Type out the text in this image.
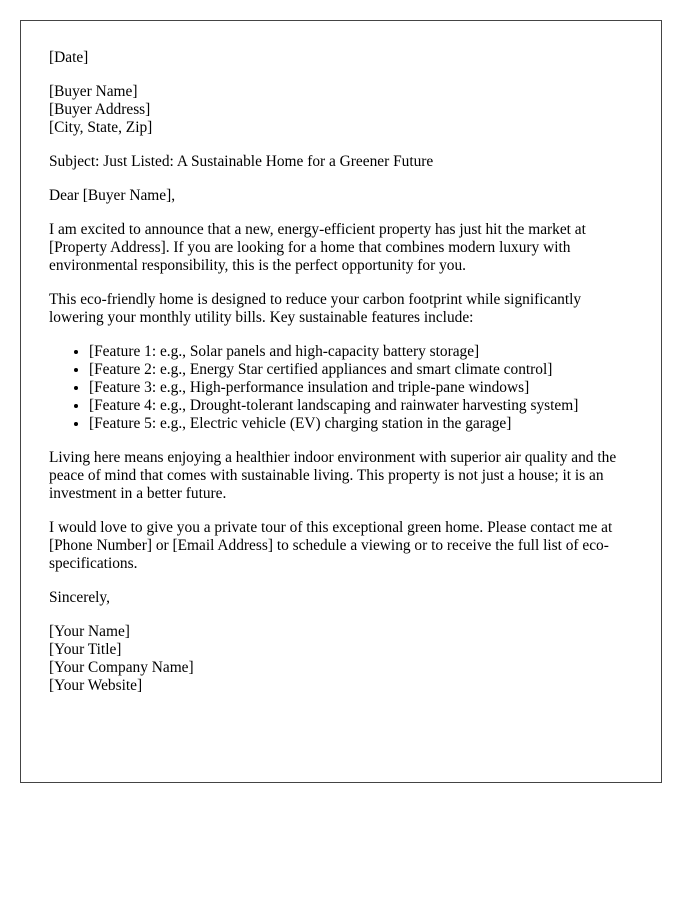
[Date]

[Buyer Name]
[Buyer Address]
[City, State, Zip]

Subject: Just Listed: A Sustainable Home for a Greener Future

Dear [Buyer Name],

I am excited to announce that a new, energy-efficient property has just hit the market at [Property Address]. If you are looking for a home that combines modern luxury with environmental responsibility, this is the perfect opportunity for you.

This eco-friendly home is designed to reduce your carbon footprint while significantly lowering your monthly utility bills. Key sustainable features include:

• [Feature 1: e.g., Solar panels and high-capacity battery storage]
• [Feature 2: e.g., Energy Star certified appliances and smart climate control]
• [Feature 3: e.g., High-performance insulation and triple-pane windows]
• [Feature 4: e.g., Drought-tolerant landscaping and rainwater harvesting system]
• [Feature 5: e.g., Electric vehicle (EV) charging station in the garage]

Living here means enjoying a healthier indoor environment with superior air quality and the peace of mind that comes with sustainable living. This property is not just a house; it is an investment in a better future.

I would love to give you a private tour of this exceptional green home. Please contact me at [Phone Number] or [Email Address] to schedule a viewing or to receive the full list of eco-specifications.

Sincerely,

[Your Name]
[Your Title]
[Your Company Name]
[Your Website]
